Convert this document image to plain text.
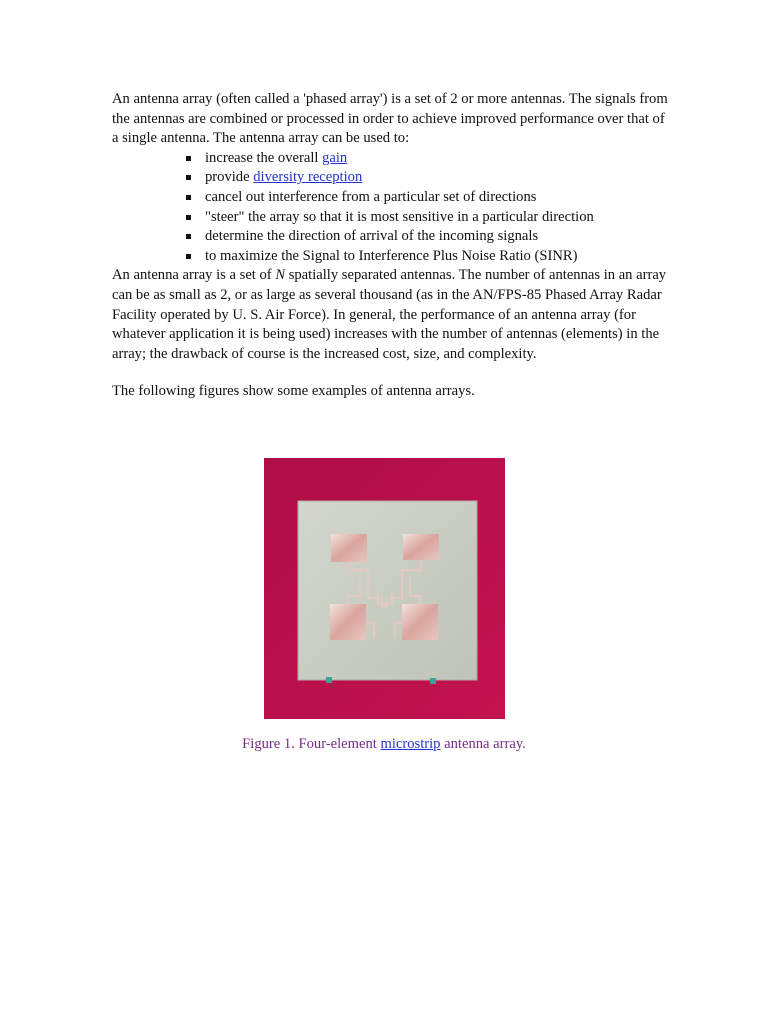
An antenna array (often called a 'phased array') is a set of 2 or more antennas. The signals from the antennas are combined or processed in order to achieve improved performance over that of a single antenna. The antenna array can be used to:

increase the overall gain
provide diversity reception
cancel out interference from a particular set of directions
"steer" the array so that it is most sensitive in a particular direction
determine the direction of arrival of the incoming signals
to maximize the Signal to Interference Plus Noise Ratio (SINR)

An antenna array is a set of N spatially separated antennas. The number of antennas in an array can be as small as 2, or as large as several thousand (as in the AN/FPS-85 Phased Array Radar Facility operated by U. S. Air Force). In general, the performance of an antenna array (for whatever application it is being used) increases with the number of antennas (elements) in the array; the drawback of course is the increased cost, size, and complexity.

The following figures show some examples of antenna arrays.

Figure 1. Four-element microstrip antenna array.
